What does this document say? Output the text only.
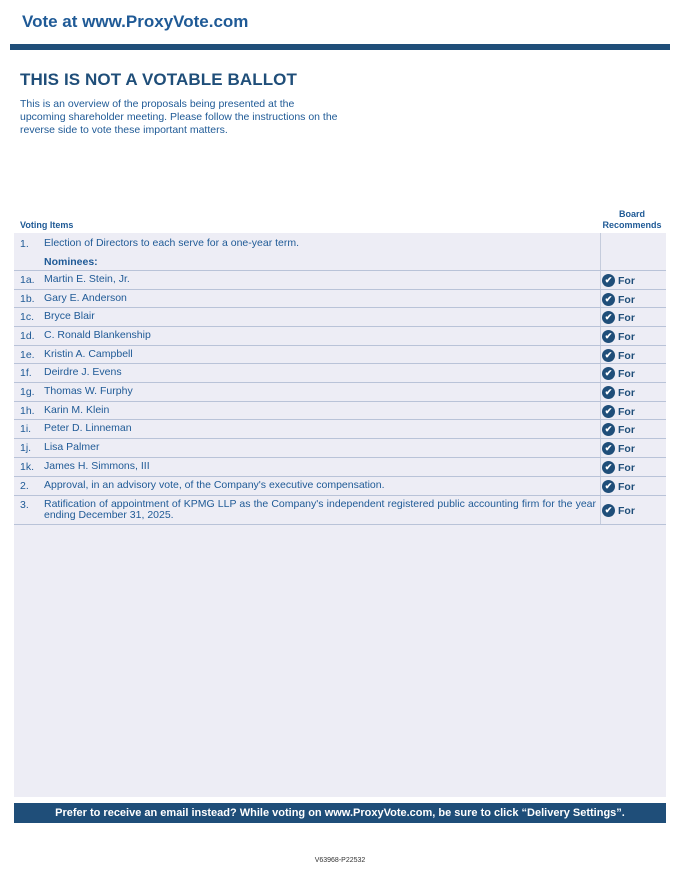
Vote at www.ProxyVote.com
THIS IS NOT A VOTABLE BALLOT
This is an overview of the proposals being presented at the upcoming shareholder meeting. Please follow the instructions on the reverse side to vote these important matters.
Voting Items
Board
Recommends
1. Election of Directors to each serve for a one-year term.
Nominees:
1a. Martin E. Stein, Jr.	✔ For
1b. Gary E. Anderson	✔ For
1c. Bryce Blair	✔ For
1d. C. Ronald Blankenship	✔ For
1e. Kristin A. Campbell	✔ For
1f. Deirdre J. Evens	✔ For
1g. Thomas W. Furphy	✔ For
1h. Karin M. Klein	✔ For
1i. Peter D. Linneman	✔ For
1j. Lisa Palmer	✔ For
1k. James H. Simmons, III	✔ For
2. Approval, in an advisory vote, of the Company's executive compensation.	✔ For
3. Ratification of appointment of KPMG LLP as the Company's independent registered public accounting firm for the year ending December 31, 2025.	✔ For
Prefer to receive an email instead? While voting on www.ProxyVote.com, be sure to click “Delivery Settings”.
V63968-P22532
